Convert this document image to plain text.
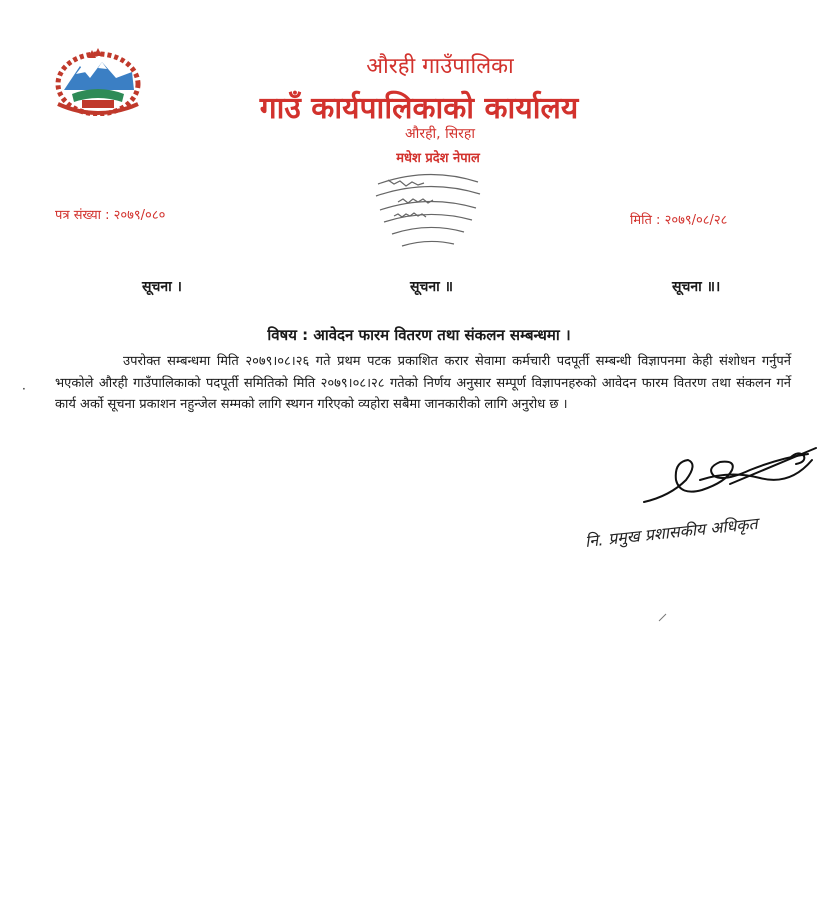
औरही गाउँपालिका
गाउँ कार्यपालिकाको कार्यालय
औरही, सिरहा
मधेश प्रदेश नेपाल
पत्र संख्या : २०७९/०८०	मिति : २०७९/०८/२८
सूचना ।	सूचना ॥	सूचना ॥।
विषय : आवेदन फारम वितरण तथा संकलन सम्बन्धमा ।
·
उपरोक्त सम्बन्धमा मिति २०७९।०८।२६ गते प्रथम पटक प्रकाशित करार सेवामा कर्मचारी पदपूर्ती सम्बन्धी विज्ञापनमा केही संशोधन गर्नुपर्ने भएकोले औरही गाउँपालिकाको पदपूर्ती समितिको मिति २०७९।०८।२८ गतेको निर्णय अनुसार सम्पूर्ण विज्ञापनहरुको आवेदन फारम वितरण तथा संकलन गर्ने कार्य अर्को सूचना प्रकाशन नहुन्जेल सम्मको लागि स्थगन गरिएको व्यहोरा सबैमा जानकारीको लागि अनुरोध छ ।
नि. प्रमुख प्रशासकीय अधिकृत
